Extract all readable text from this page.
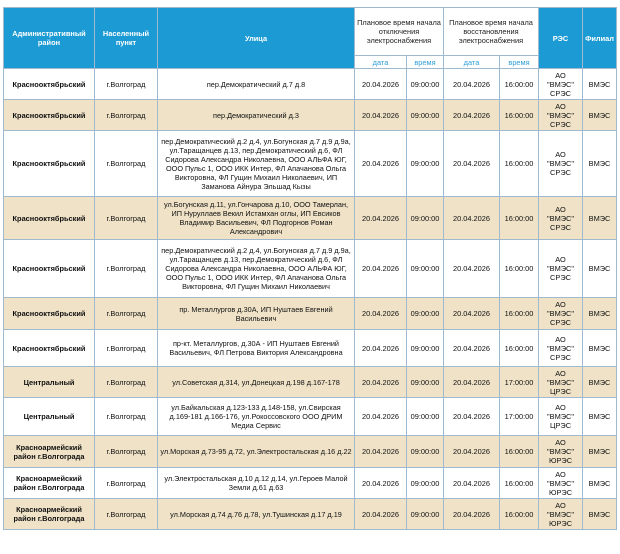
Административный район	Населенный пункт	Улица	Плановое время начала отключения электроснабжения		Плановое время начала восстановления электроснабжения		РЭС	Филиал
			дата	время	дата	время		
Краснооктябрьский	г.Волгоград	пер.Демократический д.7 д.8	20.04.2026	09:00:00	20.04.2026	16:00:00	АО "ВМЭС" СРЭС	ВМЭС
Краснооктябрьский	г.Волгоград	пер.Демократический д.3	20.04.2026	09:00:00	20.04.2026	16:00:00	АО "ВМЭС" СРЭС	ВМЭС
Краснооктябрьский	г.Волгоград	пер.Демократический д.2 д.4, ул.Богунская д.7 д.9 д.9а, ул.Таращанцев д.13, пер.Демократический д.6, ФЛ Сидорова Александра Николаевна, ООО АЛЬФА ЮГ, ООО Пульс 1, ООО ИКК Интер, ФЛ Апачанова Ольга Викторовна, ФЛ Гущин Михаил Николаевич, ИП Заманова Айнура Эльшад Кызы	20.04.2026	09:00:00	20.04.2026	16:00:00	АО "ВМЭС" СРЭС	ВМЭС
Краснооктябрьский	г.Волгоград	ул.Богунская д.11, ул.Гончарова д.10, ООО Тамерлан, ИП Нуруллаев Векил Истамхан оглы, ИП Евсиков Владимир Васильевич, ФЛ Подгорнов Роман Александрович	20.04.2026	09:00:00	20.04.2026	16:00:00	АО "ВМЭС" СРЭС	ВМЭС
Краснооктябрьский	г.Волгоград	пер.Демократический д.2 д.4, ул.Богунская д.7 д.9 д.9а, ул.Таращанцев д.13, пер.Демократический д.6, ФЛ Сидорова Александра Николаевна, ООО АЛЬФА ЮГ, ООО Пульс 1, ООО ИКК Интер, ФЛ Апачанова Ольга Викторовна, ФЛ Гущин Михаил Николаевич	20.04.2026	09:00:00	20.04.2026	16:00:00	АО "ВМЭС" СРЭС	ВМЭС
Краснооктябрьский	г.Волгоград	пр. Металлургов д.30А, ИП Нуштаев Евгений Васильевич	20.04.2026	09:00:00	20.04.2026	16:00:00	АО "ВМЭС" СРЭС	ВМЭС
Краснооктябрьский	г.Волгоград	пр-кт. Металлургов, д.30А - ИП Нуштаев Евгений Васильевич, ФЛ Петрова Виктория Александровна	20.04.2026	09:00:00	20.04.2026	16:00:00	АО "ВМЭС" СРЭС	ВМЭС
Центральный	г.Волгоград	ул.Советская д.314, ул.Донецкая д.198 д.167-178	20.04.2026	09:00:00	20.04.2026	17:00:00	АО "ВМЭС" ЦРЭС	ВМЭС
Центральный	г.Волгоград	ул.Байкальская д.123-133 д.148-158, ул.Свирская д.169-181 д.166-176, ул.Рокоссовского ООО ДРИМ Медиа Сервис	20.04.2026	09:00:00	20.04.2026	17:00:00	АО "ВМЭС" ЦРЭС	ВМЭС
Красноармейский район г.Волгограда	г.Волгоград	ул.Морская д.73-95 д.72, ул.Электростальская д.16 д.22	20.04.2026	09:00:00	20.04.2026	16:00:00	АО "ВМЭС" ЮРЭС	ВМЭС
Красноармейский район г.Волгограда	г.Волгоград	ул.Электростальская д.10 д.12 д.14, ул.Героев Малой Земли д.61 д.63	20.04.2026	09:00:00	20.04.2026	16:00:00	АО "ВМЭС" ЮРЭС	ВМЭС
Красноармейский район г.Волгограда	г.Волгоград	ул.Морская д.74 д.76 д.78, ул.Тушинская д.17 д.19	20.04.2026	09:00:00	20.04.2026	16:00:00	АО "ВМЭС" ЮРЭС	ВМЭС
